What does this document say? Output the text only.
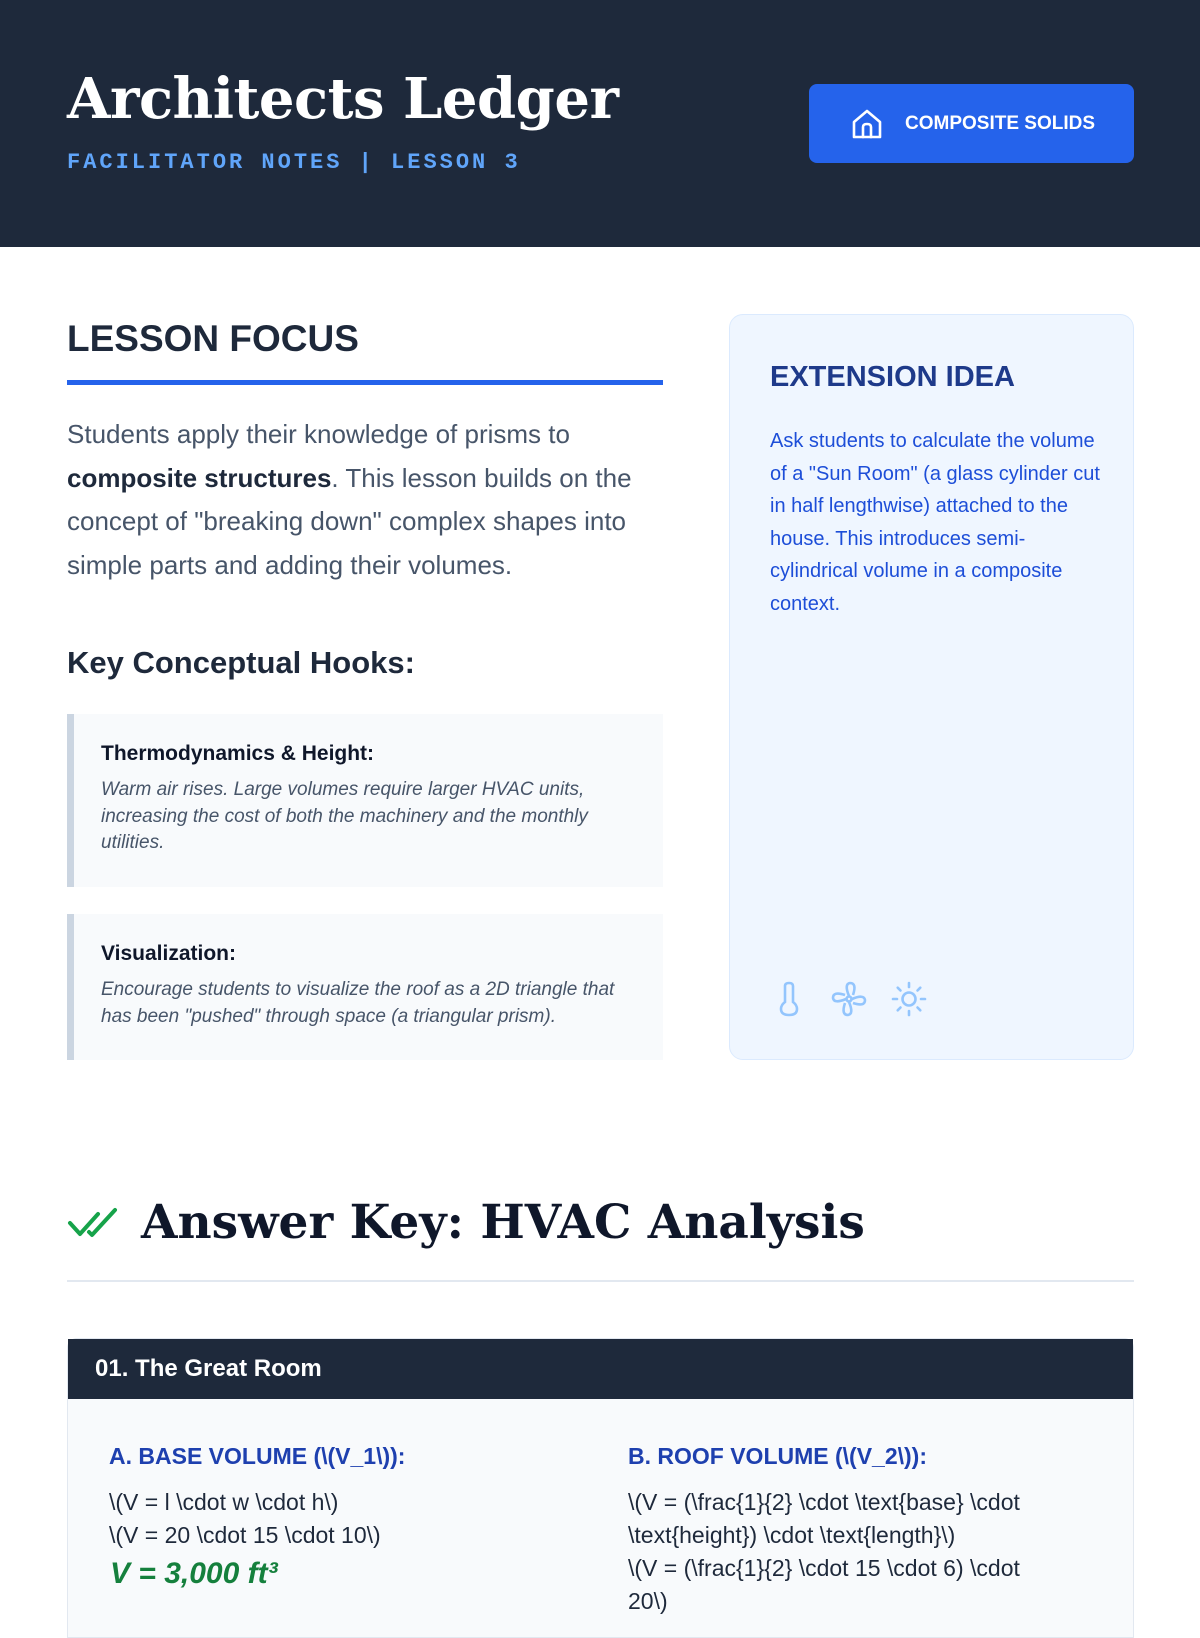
Architects Ledger
FACILITATOR NOTES | LESSON 3
COMPOSITE SOLIDS
LESSON FOCUS
Students apply their knowledge of prisms to composite structures. This lesson builds on the concept of "breaking down" complex shapes into simple parts and adding their volumes.
Key Conceptual Hooks:
Thermodynamics & Height:
Warm air rises. Large volumes require larger HVAC units, increasing the cost of both the machinery and the monthly utilities.
Visualization:
Encourage students to visualize the roof as a 2D triangle that has been "pushed" through space (a triangular prism).
EXTENSION IDEA
Ask students to calculate the volume of a "Sun Room" (a glass cylinder cut in half lengthwise) attached to the house. This introduces semi-cylindrical volume in a composite context.
Answer Key: HVAC Analysis
01. The Great Room
A. BASE VOLUME (\(V_1\)):
\(V = l \cdot w \cdot h\)
\(V = 20 \cdot 15 \cdot 10\)
V = 3,000 ft³
B. ROOF VOLUME (\(V_2\)):
\(V = (\frac{1}{2} \cdot \text{base} \cdot
\text{height}) \cdot \text{length}\)
\(V = (\frac{1}{2} \cdot 15 \cdot 6) \cdot
20\)
